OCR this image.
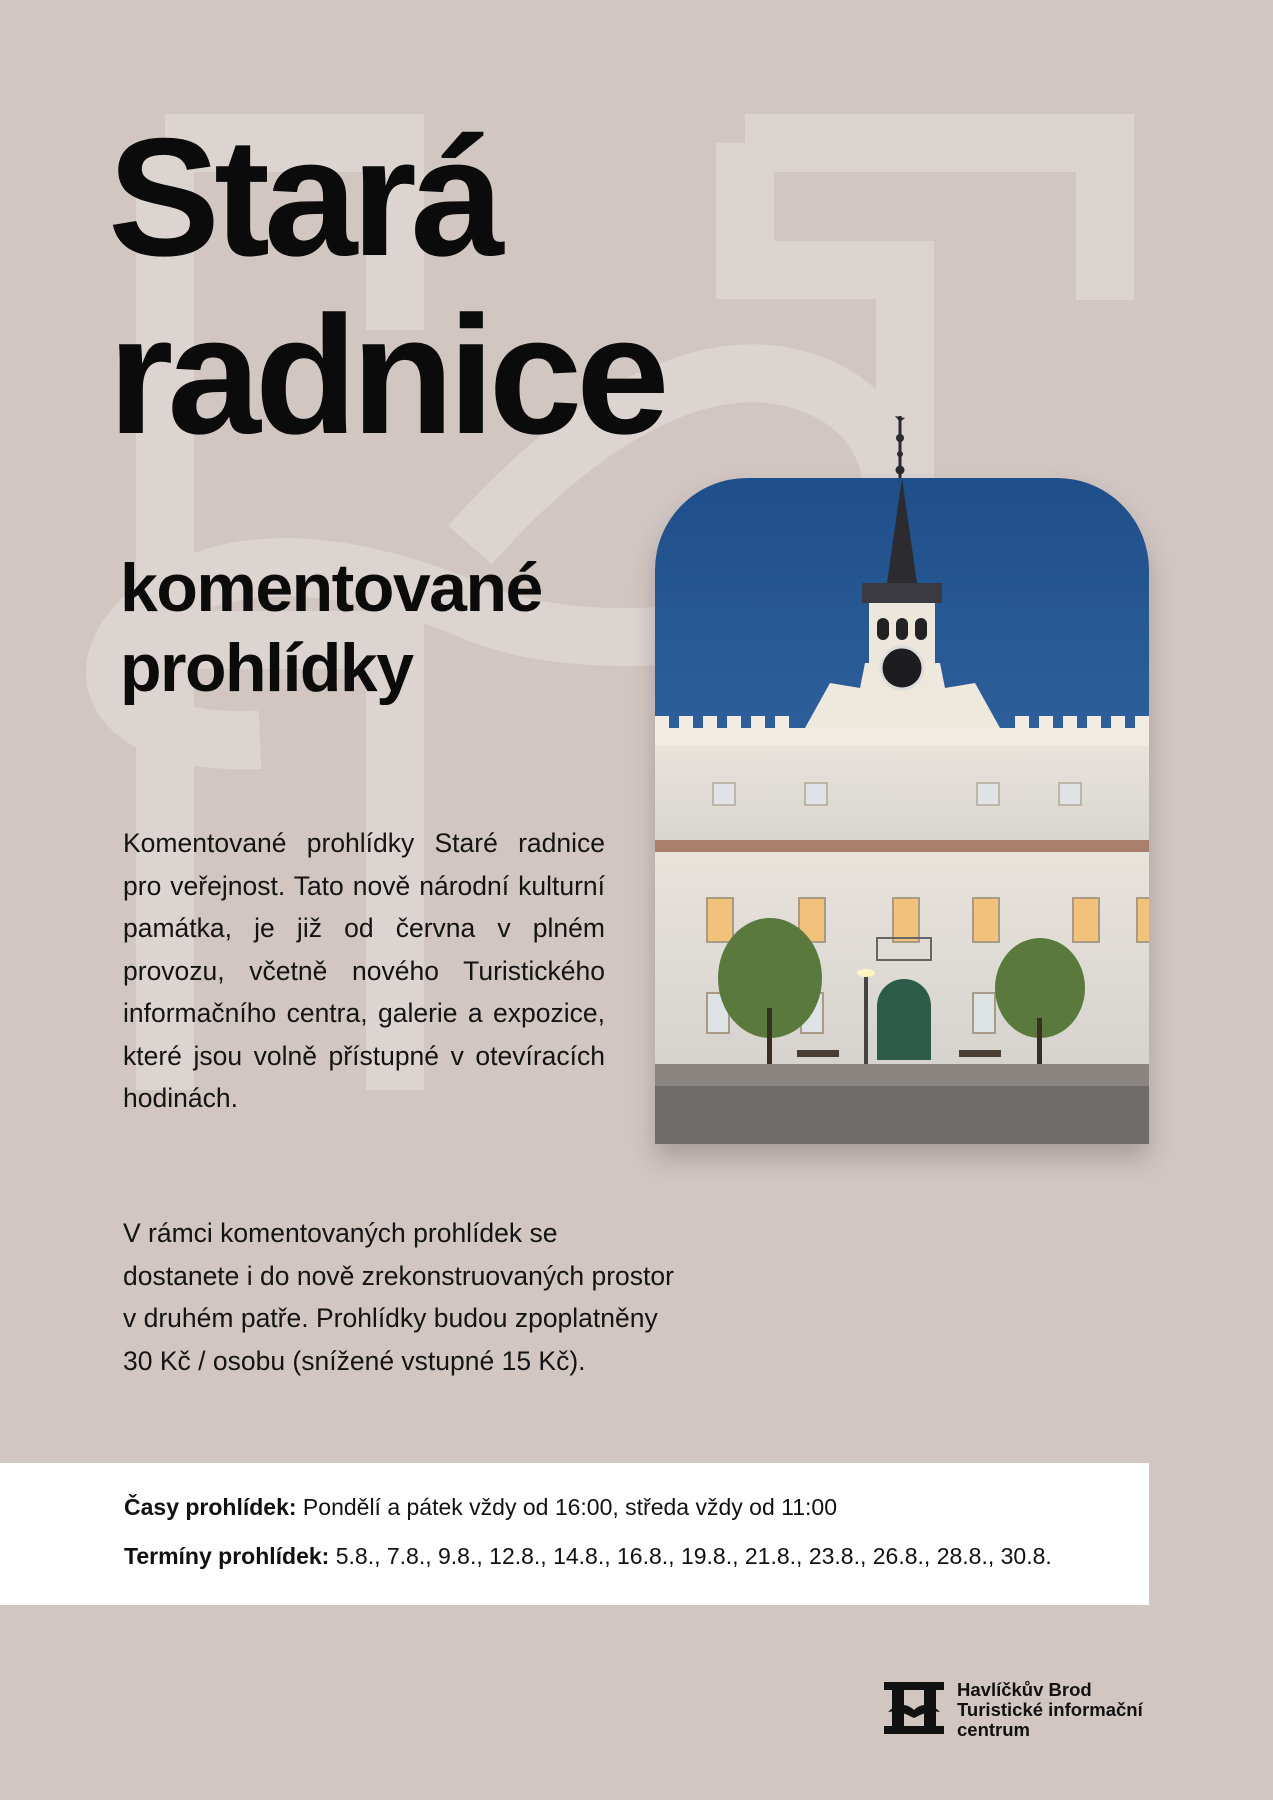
Stará
radnice
komentované
prohlídky

Komentované prohlídky Staré radnice pro veřejnost. Tato nově národní kulturní památka, je již od června v plném provozu, včetně nového Turistického informačního centra, galerie a expozice, které jsou volně přístupné v otevíracích hodinách.

V rámci komentovaných prohlídek se
dostanete i do nově zrekonstruovaných prostor
v druhém patře. Prohlídky budou zpoplatněny
30 Kč / osobu (snížené vstupné 15 Kč).

Časy prohlídek: Pondělí a pátek vždy od 16:00, středa vždy od 11:00
Termíny prohlídek: 5.8., 7.8., 9.8., 12.8., 14.8., 16.8., 19.8., 21.8., 23.8., 26.8., 28.8., 30.8.
Havlíčkův Brod
Turistické informační
centrum
